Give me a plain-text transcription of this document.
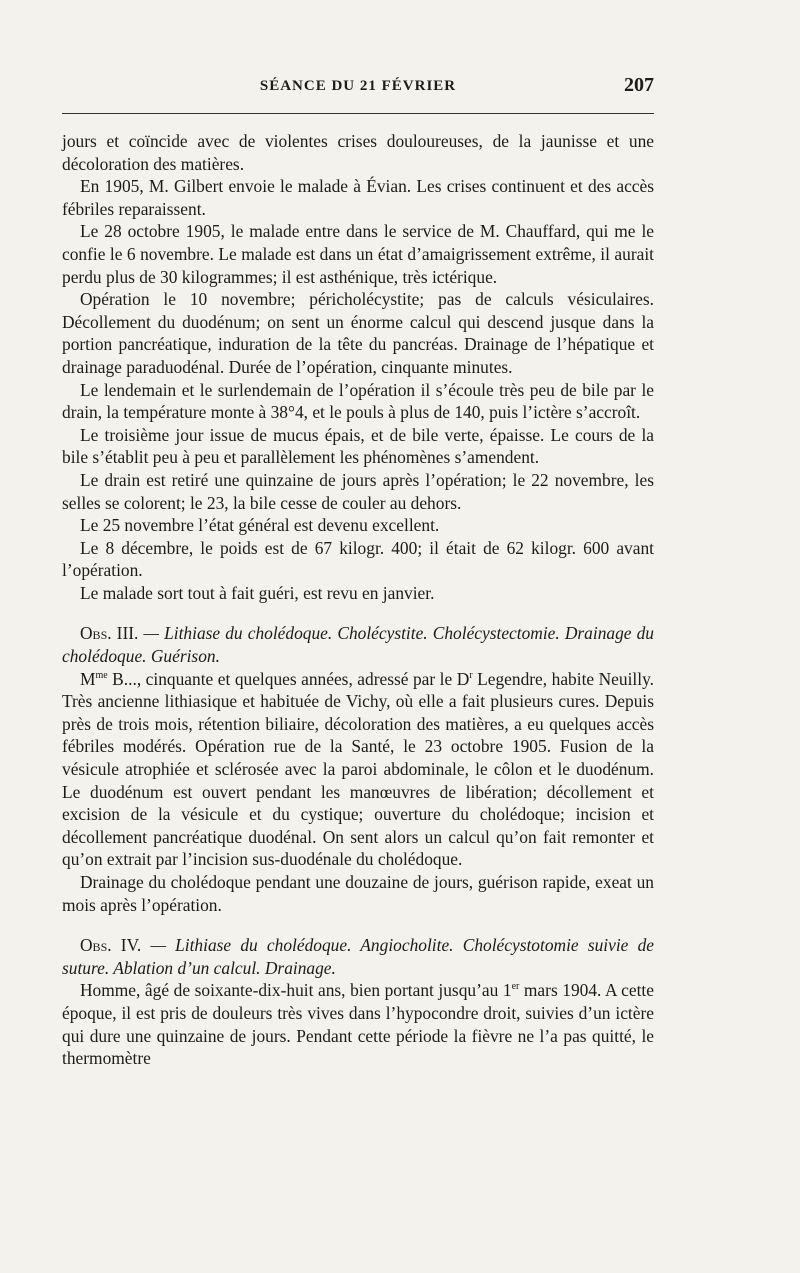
SÉANCE DU 21 FÉVRIER	207

jours et coïncide avec de violentes crises douloureuses, de la jaunisse et une décoloration des matières.

En 1905, M. Gilbert envoie le malade à Évian. Les crises continuent et des accès fébriles reparaissent.

Le 28 octobre 1905, le malade entre dans le service de M. Chauffard, qui me le confie le 6 novembre. Le malade est dans un état d’amaigrissement extrême, il aurait perdu plus de 30 kilogrammes; il est asthénique, très ictérique.

Opération le 10 novembre; péricholécystite; pas de calculs vésiculaires. Décollement du duodénum; on sent un énorme calcul qui descend jusque dans la portion pancréatique, induration de la tête du pancréas. Drainage de l’hépatique et drainage paraduodénal. Durée de l’opération, cinquante minutes.

Le lendemain et le surlendemain de l’opération il s’écoule très peu de bile par le drain, la température monte à 38°4, et le pouls à plus de 140, puis l’ictère s’accroît.

Le troisième jour issue de mucus épais, et de bile verte, épaisse. Le cours de la bile s’établit peu à peu et parallèlement les phénomènes s’amendent.

Le drain est retiré une quinzaine de jours après l’opération; le 22 novembre, les selles se colorent; le 23, la bile cesse de couler au dehors.

Le 25 novembre l’état général est devenu excellent.

Le 8 décembre, le poids est de 67 kilogr. 400; il était de 62 kilogr. 600 avant l’opération.

Le malade sort tout à fait guéri, est revu en janvier.

Obs. III. — Lithiase du cholédoque. Cholécystite. Cholécystectomie. Drainage du cholédoque. Guérison.

$M^{me}$ B..., cinquante et quelques années, adressé par le $D^r$ Legendre, habite Neuilly. Très ancienne lithiasique et habituée de Vichy, où elle a fait plusieurs cures. Depuis près de trois mois, rétention biliaire, décoloration des matières, a eu quelques accès fébriles modérés. Opération rue de la Santé, le 23 octobre 1905. Fusion de la vésicule atrophiée et sclérosée avec la paroi abdominale, le côlon et le duodénum. Le duodénum est ouvert pendant les manœuvres de libération; décollement et excision de la vésicule et du cystique; ouverture du cholédoque; incision et décollement pancréatique duodénal. On sent alors un calcul qu’on fait remonter et qu’on extrait par l’incision sus-duodénale du cholédoque.

Drainage du cholédoque pendant une douzaine de jours, guérison rapide, exeat un mois après l’opération.

Obs. IV. — Lithiase du cholédoque. Angiocholite. Cholécystotomie suivie de suture. Ablation d’un calcul. Drainage.

Homme, âgé de soixante-dix-huit ans, bien portant jusqu’au 1er mars 1904. A cette époque, il est pris de douleurs très vives dans l’hypocondre droit, suivies d’un ictère qui dure une quinzaine de jours. Pendant cette période la fièvre ne l’a pas quitté, le thermomètre
